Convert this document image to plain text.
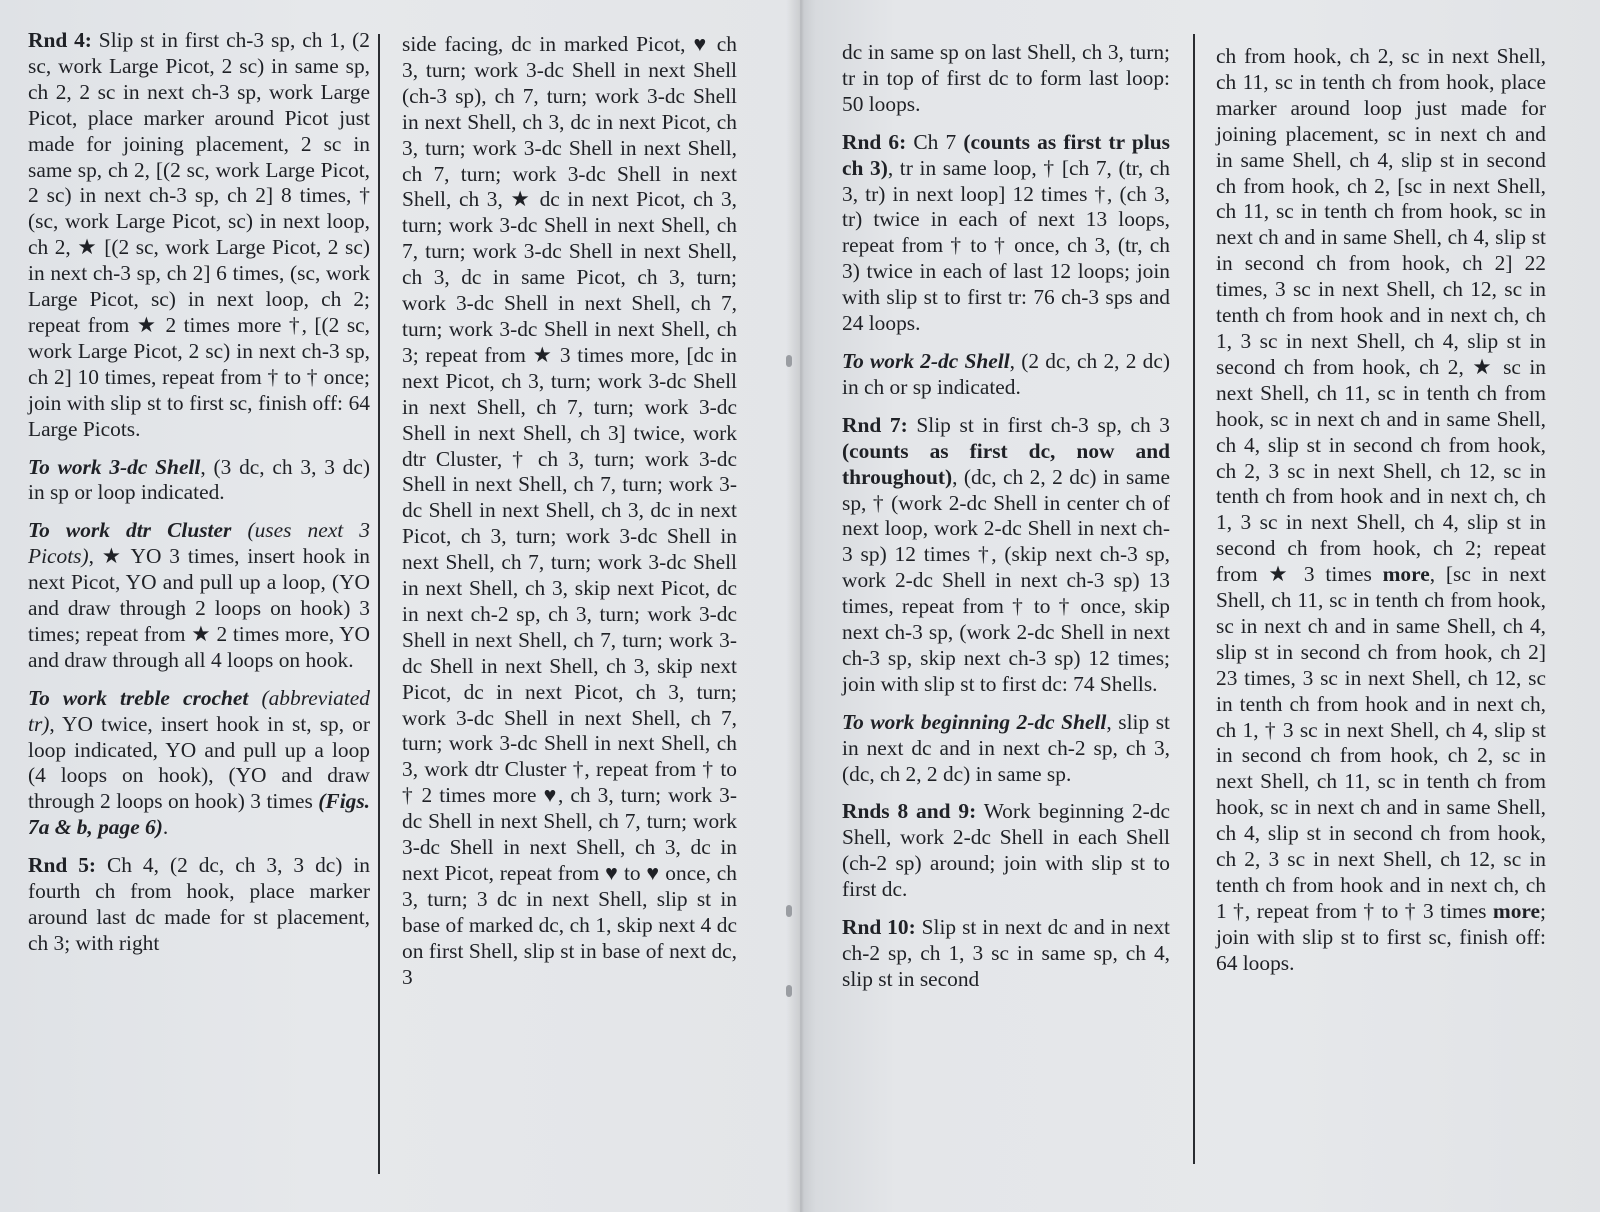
Rnd 4: Slip st in first ch-3 sp, ch 1, (2 sc, work Large Picot, 2 sc) in same sp, ch 2, 2 sc in next ch-3 sp, work Large Picot, place marker around Picot just made for joining placement, 2 sc in same sp, ch 2, [(2 sc, work Large Picot, 2 sc) in next ch-3 sp, ch 2] 8 times, † (sc, work Large Picot, sc) in next loop, ch 2, ★ [(2 sc, work Large Picot, 2 sc) in next ch-3 sp, ch 2] 6 times, (sc, work Large Picot, sc) in next loop, ch 2; repeat from ★ 2 times more †, [(2 sc, work Large Picot, 2 sc) in next ch-3 sp, ch 2] 10 times, repeat from † to † once; join with slip st to first sc, finish off: 64 Large Picots.

To work 3-dc Shell, (3 dc, ch 3, 3 dc) in sp or loop indicated.

To work dtr Cluster (uses next 3 Picots), ★ YO 3 times, insert hook in next Picot, YO and pull up a loop, (YO and draw through 2 loops on hook) 3 times; repeat from ★ 2 times more, YO and draw through all 4 loops on hook.

To work treble crochet (abbreviated tr), YO twice, insert hook in st, sp, or loop indicated, YO and pull up a loop (4 loops on hook), (YO and draw through 2 loops on hook) 3 times (Figs. 7a & b, page 6).

Rnd 5: Ch 4, (2 dc, ch 3, 3 dc) in fourth ch from hook, place marker around last dc made for st placement, ch 3; with right

side facing, dc in marked Picot, ♥ ch 3, turn; work 3-dc Shell in next Shell (ch-3 sp), ch 7, turn; work 3-dc Shell in next Shell, ch 3, dc in next Picot, ch 3, turn; work 3-dc Shell in next Shell, ch 7, turn; work 3-dc Shell in next Shell, ch 3, ★ dc in next Picot, ch 3, turn; work 3-dc Shell in next Shell, ch 7, turn; work 3-dc Shell in next Shell, ch 3, dc in same Picot, ch 3, turn; work 3-dc Shell in next Shell, ch 7, turn; work 3-dc Shell in next Shell, ch 3; repeat from ★ 3 times more, [dc in next Picot, ch 3, turn; work 3-dc Shell in next Shell, ch 7, turn; work 3-dc Shell in next Shell, ch 3] twice, work dtr Cluster, † ch 3, turn; work 3-dc Shell in next Shell, ch 7, turn; work 3-dc Shell in next Shell, ch 3, dc in next Picot, ch 3, turn; work 3-dc Shell in next Shell, ch 7, turn; work 3-dc Shell in next Shell, ch 3, skip next Picot, dc in next ch-2 sp, ch 3, turn; work 3-dc Shell in next Shell, ch 7, turn; work 3-dc Shell in next Shell, ch 3, skip next Picot, dc in next Picot, ch 3, turn; work 3-dc Shell in next Shell, ch 7, turn; work 3-dc Shell in next Shell, ch 3, work dtr Cluster †, repeat from † to † 2 times more ♥, ch 3, turn; work 3-dc Shell in next Shell, ch 7, turn; work 3-dc Shell in next Shell, ch 3, dc in next Picot, repeat from ♥ to ♥ once, ch 3, turn; 3 dc in next Shell, slip st in base of marked dc, ch 1, skip next 4 dc on first Shell, slip st in base of next dc, 3

dc in same sp on last Shell, ch 3, turn; tr in top of first dc to form last loop: 50 loops.

Rnd 6: Ch 7 (counts as first tr plus ch 3), tr in same loop, † [ch 7, (tr, ch 3, tr) in next loop] 12 times †, (ch 3, tr) twice in each of next 13 loops, repeat from † to † once, ch 3, (tr, ch 3) twice in each of last 12 loops; join with slip st to first tr: 76 ch-3 sps and 24 loops.

To work 2-dc Shell, (2 dc, ch 2, 2 dc) in ch or sp indicated.

Rnd 7: Slip st in first ch-3 sp, ch 3 (counts as first dc, now and throughout), (dc, ch 2, 2 dc) in same sp, † (work 2-dc Shell in center ch of next loop, work 2-dc Shell in next ch-3 sp) 12 times †, (skip next ch-3 sp, work 2-dc Shell in next ch-3 sp) 13 times, repeat from † to † once, skip next ch-3 sp, (work 2-dc Shell in next ch-3 sp, skip next ch-3 sp) 12 times; join with slip st to first dc: 74 Shells.

To work beginning 2-dc Shell, slip st in next dc and in next ch-2 sp, ch 3, (dc, ch 2, 2 dc) in same sp.

Rnds 8 and 9: Work beginning 2-dc Shell, work 2-dc Shell in each Shell (ch-2 sp) around; join with slip st to first dc.

Rnd 10: Slip st in next dc and in next ch-2 sp, ch 1, 3 sc in same sp, ch 4, slip st in second

ch from hook, ch 2, sc in next Shell, ch 11, sc in tenth ch from hook, place marker around loop just made for joining placement, sc in next ch and in same Shell, ch 4, slip st in second ch from hook, ch 2, [sc in next Shell, ch 11, sc in tenth ch from hook, sc in next ch and in same Shell, ch 4, slip st in second ch from hook, ch 2] 22 times, 3 sc in next Shell, ch 12, sc in tenth ch from hook and in next ch, ch 1, 3 sc in next Shell, ch 4, slip st in second ch from hook, ch 2, ★ sc in next Shell, ch 11, sc in tenth ch from hook, sc in next ch and in same Shell, ch 4, slip st in second ch from hook, ch 2, 3 sc in next Shell, ch 12, sc in tenth ch from hook and in next ch, ch 1, 3 sc in next Shell, ch 4, slip st in second ch from hook, ch 2; repeat from ★ 3 times more, [sc in next Shell, ch 11, sc in tenth ch from hook, sc in next ch and in same Shell, ch 4, slip st in second ch from hook, ch 2] 23 times, 3 sc in next Shell, ch 12, sc in tenth ch from hook and in next ch, ch 1, † 3 sc in next Shell, ch 4, slip st in second ch from hook, ch 2, sc in next Shell, ch 11, sc in tenth ch from hook, sc in next ch and in same Shell, ch 4, slip st in second ch from hook, ch 2, 3 sc in next Shell, ch 12, sc in tenth ch from hook and in next ch, ch 1 †, repeat from † to † 3 times more; join with slip st to first sc, finish off: 64 loops.
